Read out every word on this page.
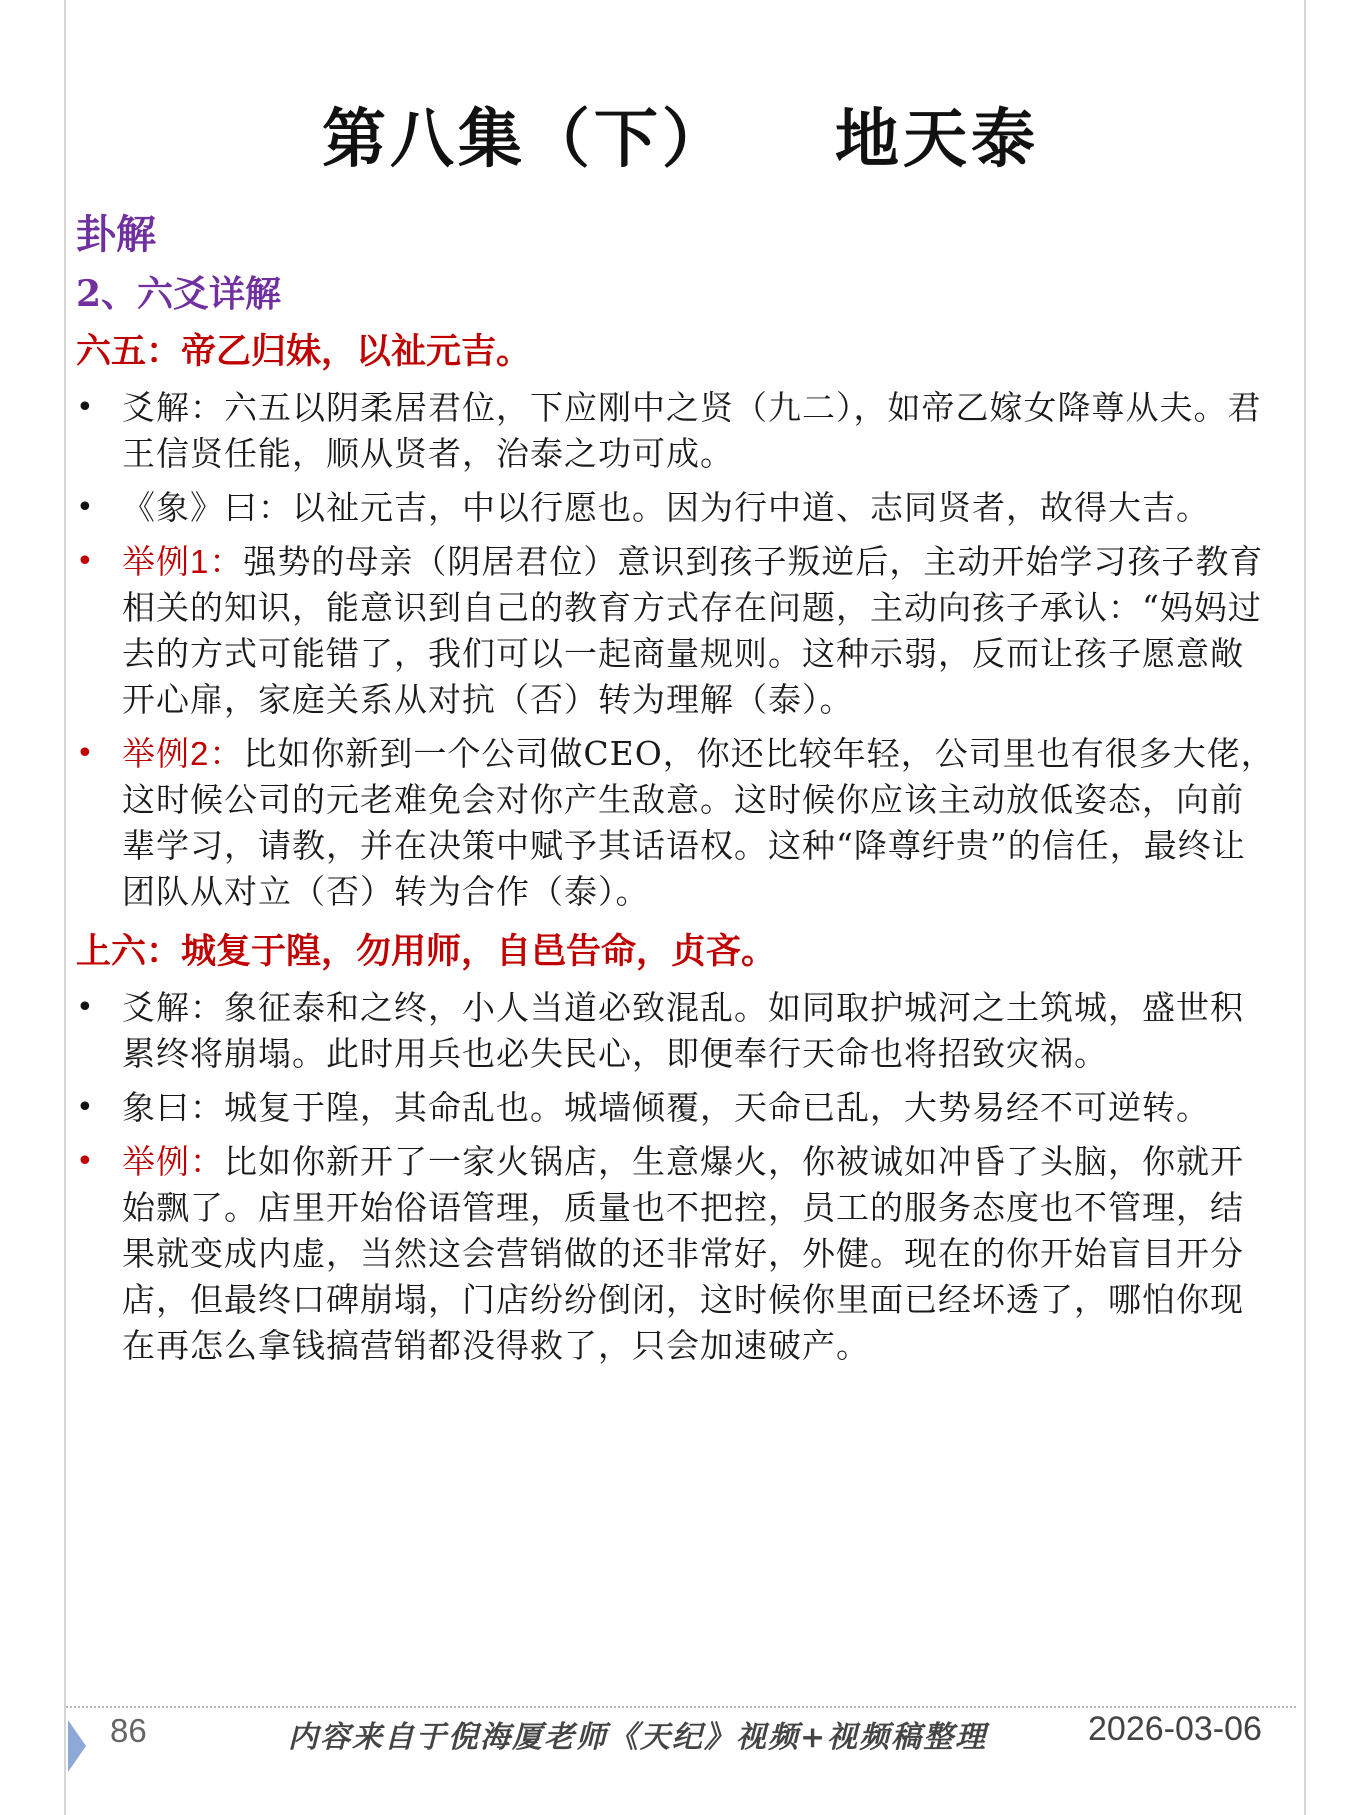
第八集（下）    地天泰

卦解

2、六爻详解

六五：帝乙归妹，以祉元吉。

• 爻解：六五以阴柔居君位，下应刚中之贤（九二），如帝乙嫁女降尊从夫。君王信贤任能，顺从贤者，治泰之功可成。
• 《象》曰：以祉元吉，中以行愿也。因为行中道、志同贤者，故得大吉。
• 举例1：强势的母亲（阴居君位）意识到孩子叛逆后，主动开始学习孩子教育相关的知识，能意识到自己的教育方式存在问题，主动向孩子承认：“妈妈过去的方式可能错了，我们可以一起商量规则。这种示弱，反而让孩子愿意敞开心扉，家庭关系从对抗（否）转为理解（泰）。
• 举例2：比如你新到一个公司做CEO，你还比较年轻，公司里也有很多大佬，这时候公司的元老难免会对你产生敌意。这时候你应该主动放低姿态，向前辈学习，请教，并在决策中赋予其话语权。这种“降尊纡贵”的信任，最终让团队从对立（否）转为合作（泰）。

上六：城复于隍，勿用师，自邑告命，贞吝。

• 爻解：象征泰和之终，小人当道必致混乱。如同取护城河之土筑城，盛世积累终将崩塌。此时用兵也必失民心，即便奉行天命也将招致灾祸。
• 象曰：城复于隍，其命乱也。城墙倾覆，天命已乱，大势易经不可逆转。
• 举例：比如你新开了一家火锅店，生意爆火，你被诚如冲昏了头脑，你就开始飘了。店里开始俗语管理，质量也不把控，员工的服务态度也不管理，结果就变成内虚，当然这会营销做的还非常好，外健。现在的你开始盲目开分店，但最终口碑崩塌，门店纷纷倒闭，这时候你里面已经坏透了，哪怕你现在再怎么拿钱搞营销都没得救了，只会加速破产。
86	内容来自于倪海厦老师《天纪》视频+视频稿整理	2026-03-06
